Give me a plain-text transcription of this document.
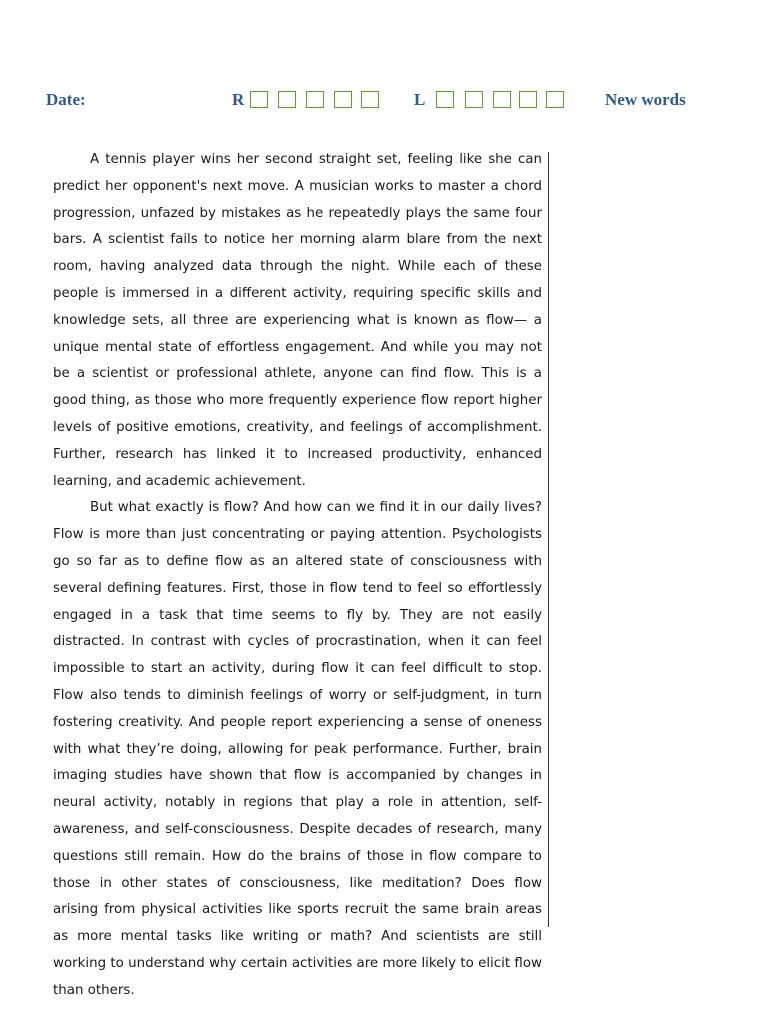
Date:	R	L	New words

A tennis player wins her second straight set, feeling like she can predict her opponent's next move. A musician works to master a chord progression, unfazed by mistakes as he repeatedly plays the same four bars. A scientist fails to notice her morning alarm blare from the next room, having analyzed data through the night. While each of these people is immersed in a different activity, requiring specific skills and knowledge sets, all three are experiencing what is known as flow— a unique mental state of effortless engagement. And while you may not be a scientist or professional athlete, anyone can find flow. This is a good thing, as those who more frequently experience flow report higher levels of positive emotions, creativity, and feelings of accomplishment. Further, research has linked it to increased productivity, enhanced learning, and academic achievement.

But what exactly is flow? And how can we find it in our daily lives? Flow is more than just concentrating or paying attention. Psychologists go so far as to define flow as an altered state of consciousness with several defining features. First, those in flow tend to feel so effortlessly engaged in a task that time seems to fly by. They are not easily distracted. In contrast with cycles of procrastination, when it can feel impossible to start an activity, during flow it can feel difficult to stop. Flow also tends to diminish feelings of worry or self-judgment, in turn fostering creativity. And people report experiencing a sense of oneness with what they’re doing, allowing for peak performance. Further, brain imaging studies have shown that flow is accompanied by changes in neural activity, notably in regions that play a role in attention, self-awareness, and self-consciousness. Despite decades of research, many questions still remain. How do the brains of those in flow compare to those in other states of consciousness, like meditation? Does flow arising from physical activities like sports recruit the same brain areas as more mental tasks like writing or math? And scientists are still working to understand why certain activities are more likely to elicit flow than others.
